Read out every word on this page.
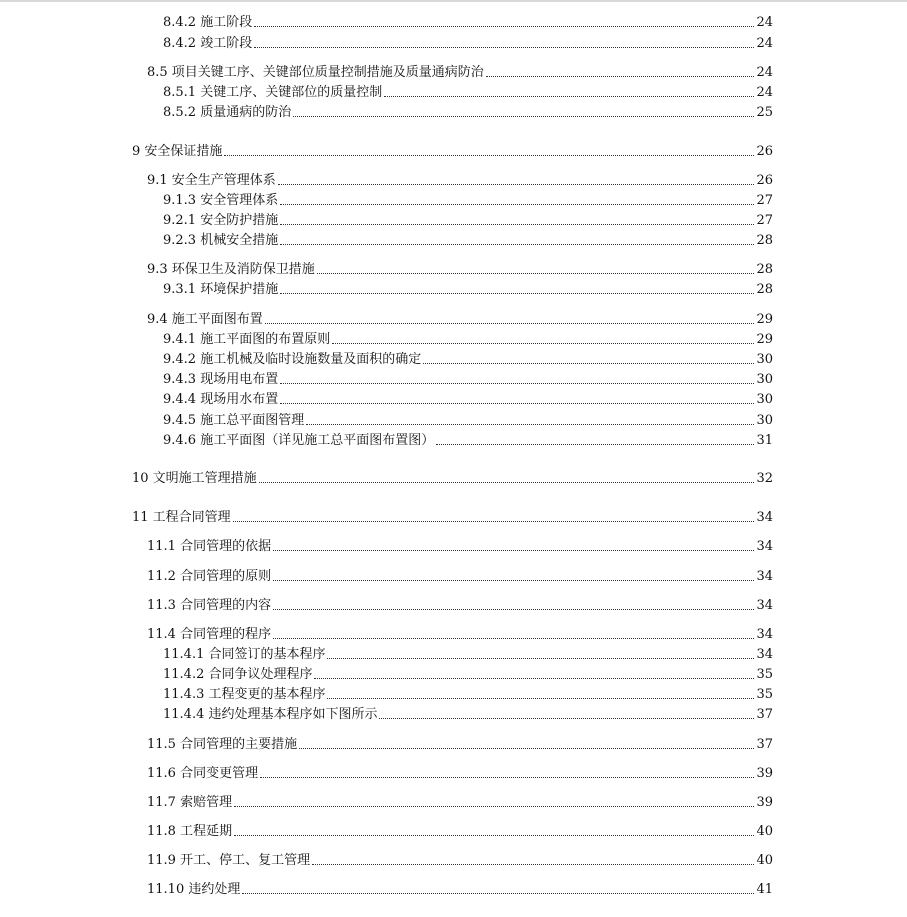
8.4.2 施工阶段	24
8.4.2 竣工阶段	24
8.5 项目关键工序、关键部位质量控制措施及质量通病防治	24
8.5.1 关键工序、关键部位的质量控制	24
8.5.2 质量通病的防治	25
9 安全保证措施	26
9.1 安全生产管理体系	26
9.1.3 安全管理体系	27
9.2.1 安全防护措施	27
9.2.3 机械安全措施	28
9.3 环保卫生及消防保卫措施	28
9.3.1 环境保护措施	28
9.4 施工平面图布置	29
9.4.1 施工平面图的布置原则	29
9.4.2 施工机械及临时设施数量及面积的确定	30
9.4.3 现场用电布置	30
9.4.4 现场用水布置	30
9.4.5 施工总平面图管理	30
9.4.6 施工平面图（详见施工总平面图布置图）	31
10 文明施工管理措施	32
11 工程合同管理	34
11.1 合同管理的依据	34
11.2 合同管理的原则	34
11.3 合同管理的内容	34
11.4 合同管理的程序	34
11.4.1 合同签订的基本程序	34
11.4.2 合同争议处理程序	35
11.4.3 工程变更的基本程序	35
11.4.4 违约处理基本程序如下图所示	37
11.5 合同管理的主要措施	37
11.6 合同变更管理	39
11.7 索赔管理	39
11.8 工程延期	40
11.9 开工、停工、复工管理	40
11.10 违约处理	41
